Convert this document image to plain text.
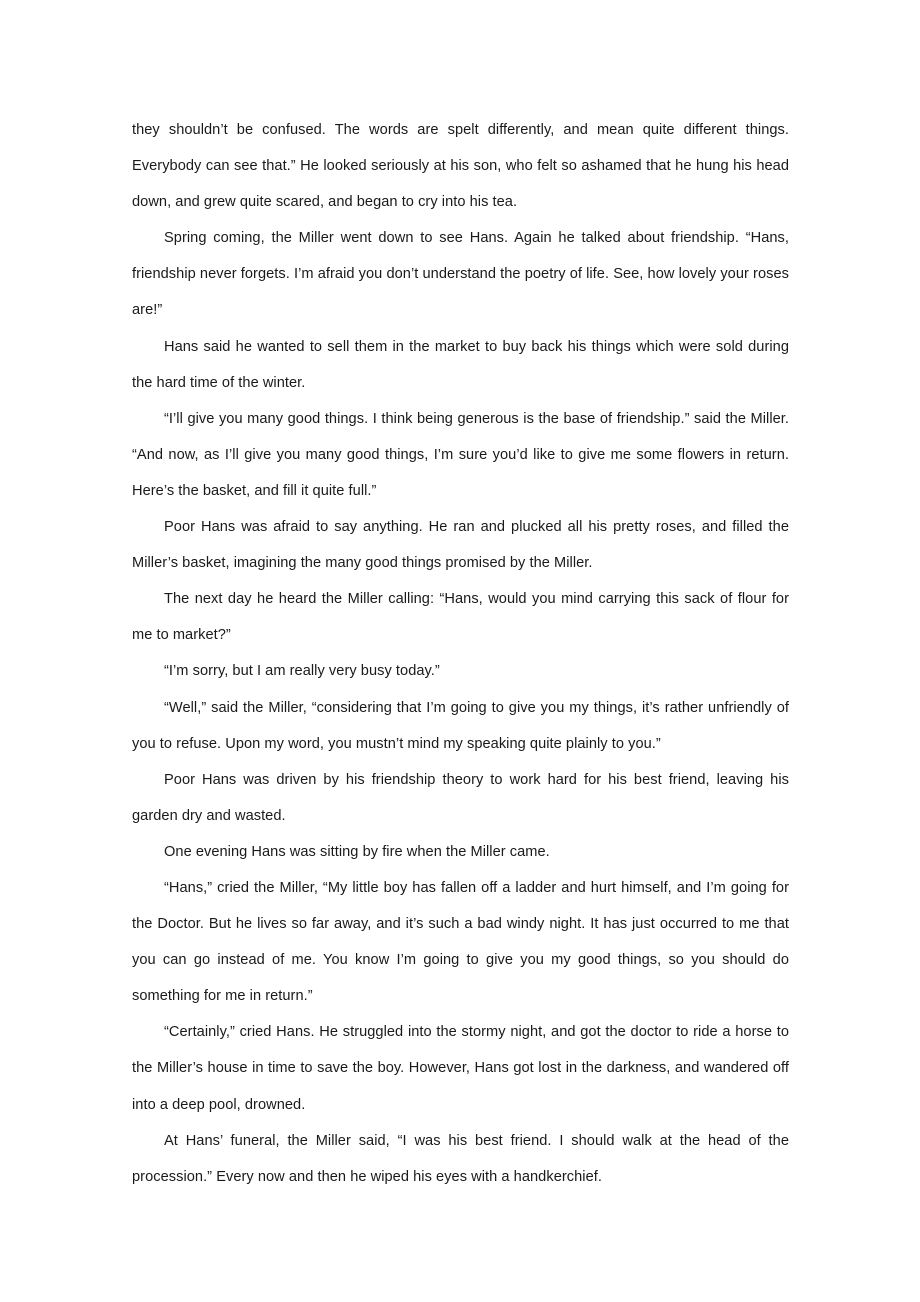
they shouldn’t be confused. The words are spelt differently, and mean quite different things. Everybody can see that.” He looked seriously at his son, who felt so ashamed that he hung his head down, and grew quite scared, and began to cry into his tea.

Spring coming, the Miller went down to see Hans. Again he talked about friendship. “Hans, friendship never forgets. I’m afraid you don’t understand the poetry of life. See, how lovely your roses are!”

Hans said he wanted to sell them in the market to buy back his things which were sold during the hard time of the winter.

“I’ll give you many good things. I think being generous is the base of friendship.” said the Miller. “And now, as I’ll give you many good things, I’m sure you’d like to give me some flowers in return. Here’s the basket, and fill it quite full.”

Poor Hans was afraid to say anything. He ran and plucked all his pretty roses, and filled the Miller’s basket, imagining the many good things promised by the Miller.

The next day he heard the Miller calling: “Hans, would you mind carrying this sack of flour for me to market?”

“I’m sorry, but I am really very busy today.”

“Well,” said the Miller, “considering that I’m going to give you my things, it’s rather unfriendly of you to refuse. Upon my word, you mustn’t mind my speaking quite plainly to you.”

Poor Hans was driven by his friendship theory to work hard for his best friend, leaving his garden dry and wasted.

One evening Hans was sitting by fire when the Miller came.

“Hans,” cried the Miller, “My little boy has fallen off a ladder and hurt himself, and I’m going for the Doctor. But he lives so far away, and it’s such a bad windy night. It has just occurred to me that you can go instead of me. You know I’m going to give you my good things, so you should do something for me in return.”

“Certainly,” cried Hans. He struggled into the stormy night, and got the doctor to ride a horse to the Miller’s house in time to save the boy. However, Hans got lost in the darkness, and wandered off into a deep pool, drowned.

At Hans’ funeral, the Miller said, “I was his best friend. I should walk at the head of the procession.” Every now and then he wiped his eyes with a handkerchief.
